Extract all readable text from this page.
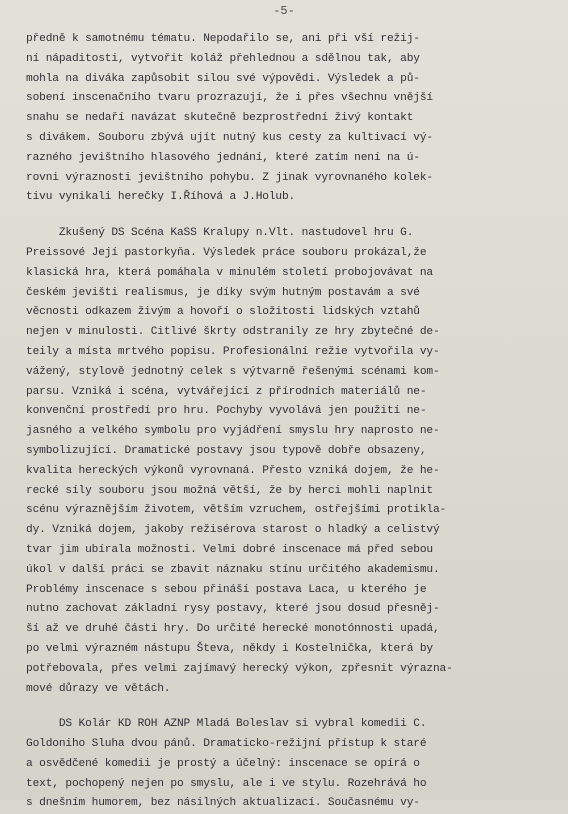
-5-
předně k samotnému tématu. Nepodařilo se, ani při vší režij-
ní nápaditosti, vytvořit koláž přehlednou a sdělnou tak, aby
mohla na diváka zapůsobit silou své výpovědi. Výsledek a pů-
sobení inscenačního tvaru prozrazují, že i přes všechnu vnější
snahu se nedaří navázat skutečně bezprostřední živý kontakt
s divákem. Souboru zbývá ujít nutný kus cesty za kultivací vý-
razného jevištního hlasového jednání, které zatím není na ú-
rovni výraznosti jevištního pohybu. Z jinak vyrovnaného kolek-
tivu vynikali herečky I.Říhová a J.Holub.
Zkušený DS Scéna KaSS Kralupy n.Vlt. nastudovel hru G.
Preissové Její pastorkyňa. Výsledek práce souboru prokázal,že
klasická hra, která pomáhala v minulém století probojovávat na
českém jevišti realismus, je díky svým hutným postavám a své
věcnosti odkazem živým a hovoří o složitosti lidských vztahů
nejen v minulosti. Citlivé škrty odstranily ze hry zbytečné de-
teily a místa mrtvého popisu. Profesionální režie vytvořila vy-
vážený, stylově jednotný celek s výtvarně řešenými scénami kom-
parsu. Vzniká i scéna, vytvářející z přírodních materiálů ne-
konvenční prostředí pro hru. Pochyby vyvolává jen použití ne-
jasného a velkého symbolu pro vyjádření smyslu hry naprosto ne-
symbolizující. Dramatické postavy jsou typově dobře obsazeny,
kvalita hereckých výkonů vyrovnaná. Přesto vzniká dojem, že he-
recké síly souboru jsou možná větší, že by herci mohli naplnit
scénu výraznějším životem, větším vzruchem, ostřejšími protikla-
dy. Vzniká dojem, jakoby režisérova starost o hladký a celistvý
tvar jim ubírala možnosti. Velmi dobré inscenace má před sebou
úkol v další práci se zbavit náznaku stínu určitého akademismu.
Problémy inscenace s sebou přináší postava Laca, u kterého je
nutno zachovat základní rysy postavy, které jsou dosud přesněj-
ší až ve druhé části hry. Do určité herecké monotónnosti upadá,
po velmi výrazném nástupu Števa, někdy i Kostelnička, která by
potřebovala, přes velmi zajímavý herecký výkon, zpřesnit výrazna-
mové důrazy ve větách.
DS Kolár KD ROH AZNP Mladá Boleslav si vybral komedii C.
Goldoniho Sluha dvou pánů. Dramaticko-režijní přístup k staré
a osvědčené komedii je prostý a účelný: inscenace se opírá o
text, pochopený nejen po smyslu, ale i ve stylu. Rozehrává ho
s dnešním humorem, bez násilných aktualizací. Současnému vy-
